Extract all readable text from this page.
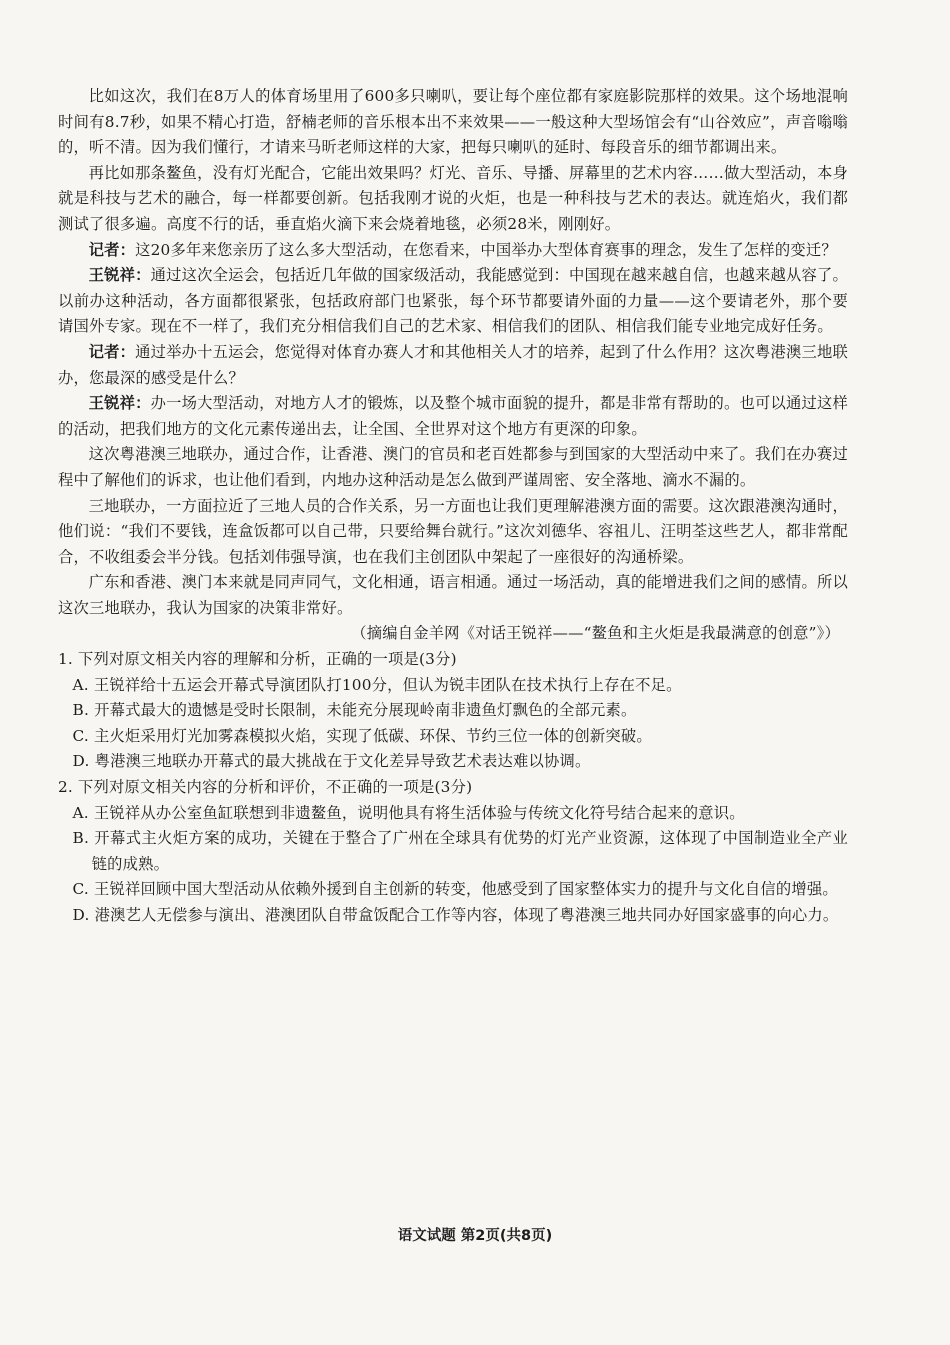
比如这次，我们在8万人的体育场里用了600多只喇叭，要让每个座位都有家庭影院那样的效果。这个场地混响时间有8.7秒，如果不精心打造，舒楠老师的音乐根本出不来效果——一般这种大型场馆会有“山谷效应”，声音嗡嗡的，听不清。因为我们懂行，才请来马昕老师这样的大家，把每只喇叭的延时、每段音乐的细节都调出来。

再比如那条鳌鱼，没有灯光配合，它能出效果吗？灯光、音乐、导播、屏幕里的艺术内容……做大型活动，本身就是科技与艺术的融合，每一样都要创新。包括我刚才说的火炬，也是一种科技与艺术的表达。就连焰火，我们都测试了很多遍。高度不行的话，垂直焰火滴下来会烧着地毯，必须28米，刚刚好。

记者：这20多年来您亲历了这么多大型活动，在您看来，中国举办大型体育赛事的理念，发生了怎样的变迁？

王锐祥：通过这次全运会，包括近几年做的国家级活动，我能感觉到：中国现在越来越自信，也越来越从容了。以前办这种活动，各方面都很紧张，包括政府部门也紧张，每个环节都要请外面的力量——这个要请老外，那个要请国外专家。现在不一样了，我们充分相信我们自己的艺术家、相信我们的团队、相信我们能专业地完成好任务。

记者：通过举办十五运会，您觉得对体育办赛人才和其他相关人才的培养，起到了什么作用？这次粤港澳三地联办，您最深的感受是什么？

王锐祥：办一场大型活动，对地方人才的锻炼，以及整个城市面貌的提升，都是非常有帮助的。也可以通过这样的活动，把我们地方的文化元素传递出去，让全国、全世界对这个地方有更深的印象。

这次粤港澳三地联办，通过合作，让香港、澳门的官员和老百姓都参与到国家的大型活动中来了。我们在办赛过程中了解他们的诉求，也让他们看到，内地办这种活动是怎么做到严谨周密、安全落地、滴水不漏的。

三地联办，一方面拉近了三地人员的合作关系，另一方面也让我们更理解港澳方面的需要。这次跟港澳沟通时，他们说：“我们不要钱，连盒饭都可以自己带，只要给舞台就行。”这次刘德华、容祖儿、汪明荃这些艺人，都非常配合，不收组委会半分钱。包括刘伟强导演，也在我们主创团队中架起了一座很好的沟通桥梁。

广东和香港、澳门本来就是同声同气，文化相通，语言相通。通过一场活动，真的能增进我们之间的感情。所以这次三地联办，我认为国家的决策非常好。

（摘编自金羊网《对话王锐祥——“鳌鱼和主火炬是我最满意的创意”》）

1. 下列对原文相关内容的理解和分析，正确的一项是(3分)

A. 王锐祥给十五运会开幕式导演团队打100分，但认为锐丰团队在技术执行上存在不足。

B. 开幕式最大的遗憾是受时长限制，未能充分展现岭南非遗鱼灯飘色的全部元素。

C. 主火炬采用灯光加雾森模拟火焰，实现了低碳、环保、节约三位一体的创新突破。

D. 粤港澳三地联办开幕式的最大挑战在于文化差异导致艺术表达难以协调。

2. 下列对原文相关内容的分析和评价，不正确的一项是(3分)

A. 王锐祥从办公室鱼缸联想到非遗鳌鱼，说明他具有将生活体验与传统文化符号结合起来的意识。

B. 开幕式主火炬方案的成功，关键在于整合了广州在全球具有优势的灯光产业资源，这体现了中国制造业全产业链的成熟。

C. 王锐祥回顾中国大型活动从依赖外援到自主创新的转变，他感受到了国家整体实力的提升与文化自信的增强。

D. 港澳艺人无偿参与演出、港澳团队自带盒饭配合工作等内容，体现了粤港澳三地共同办好国家盛事的向心力。

语文试题 第2页(共8页)
